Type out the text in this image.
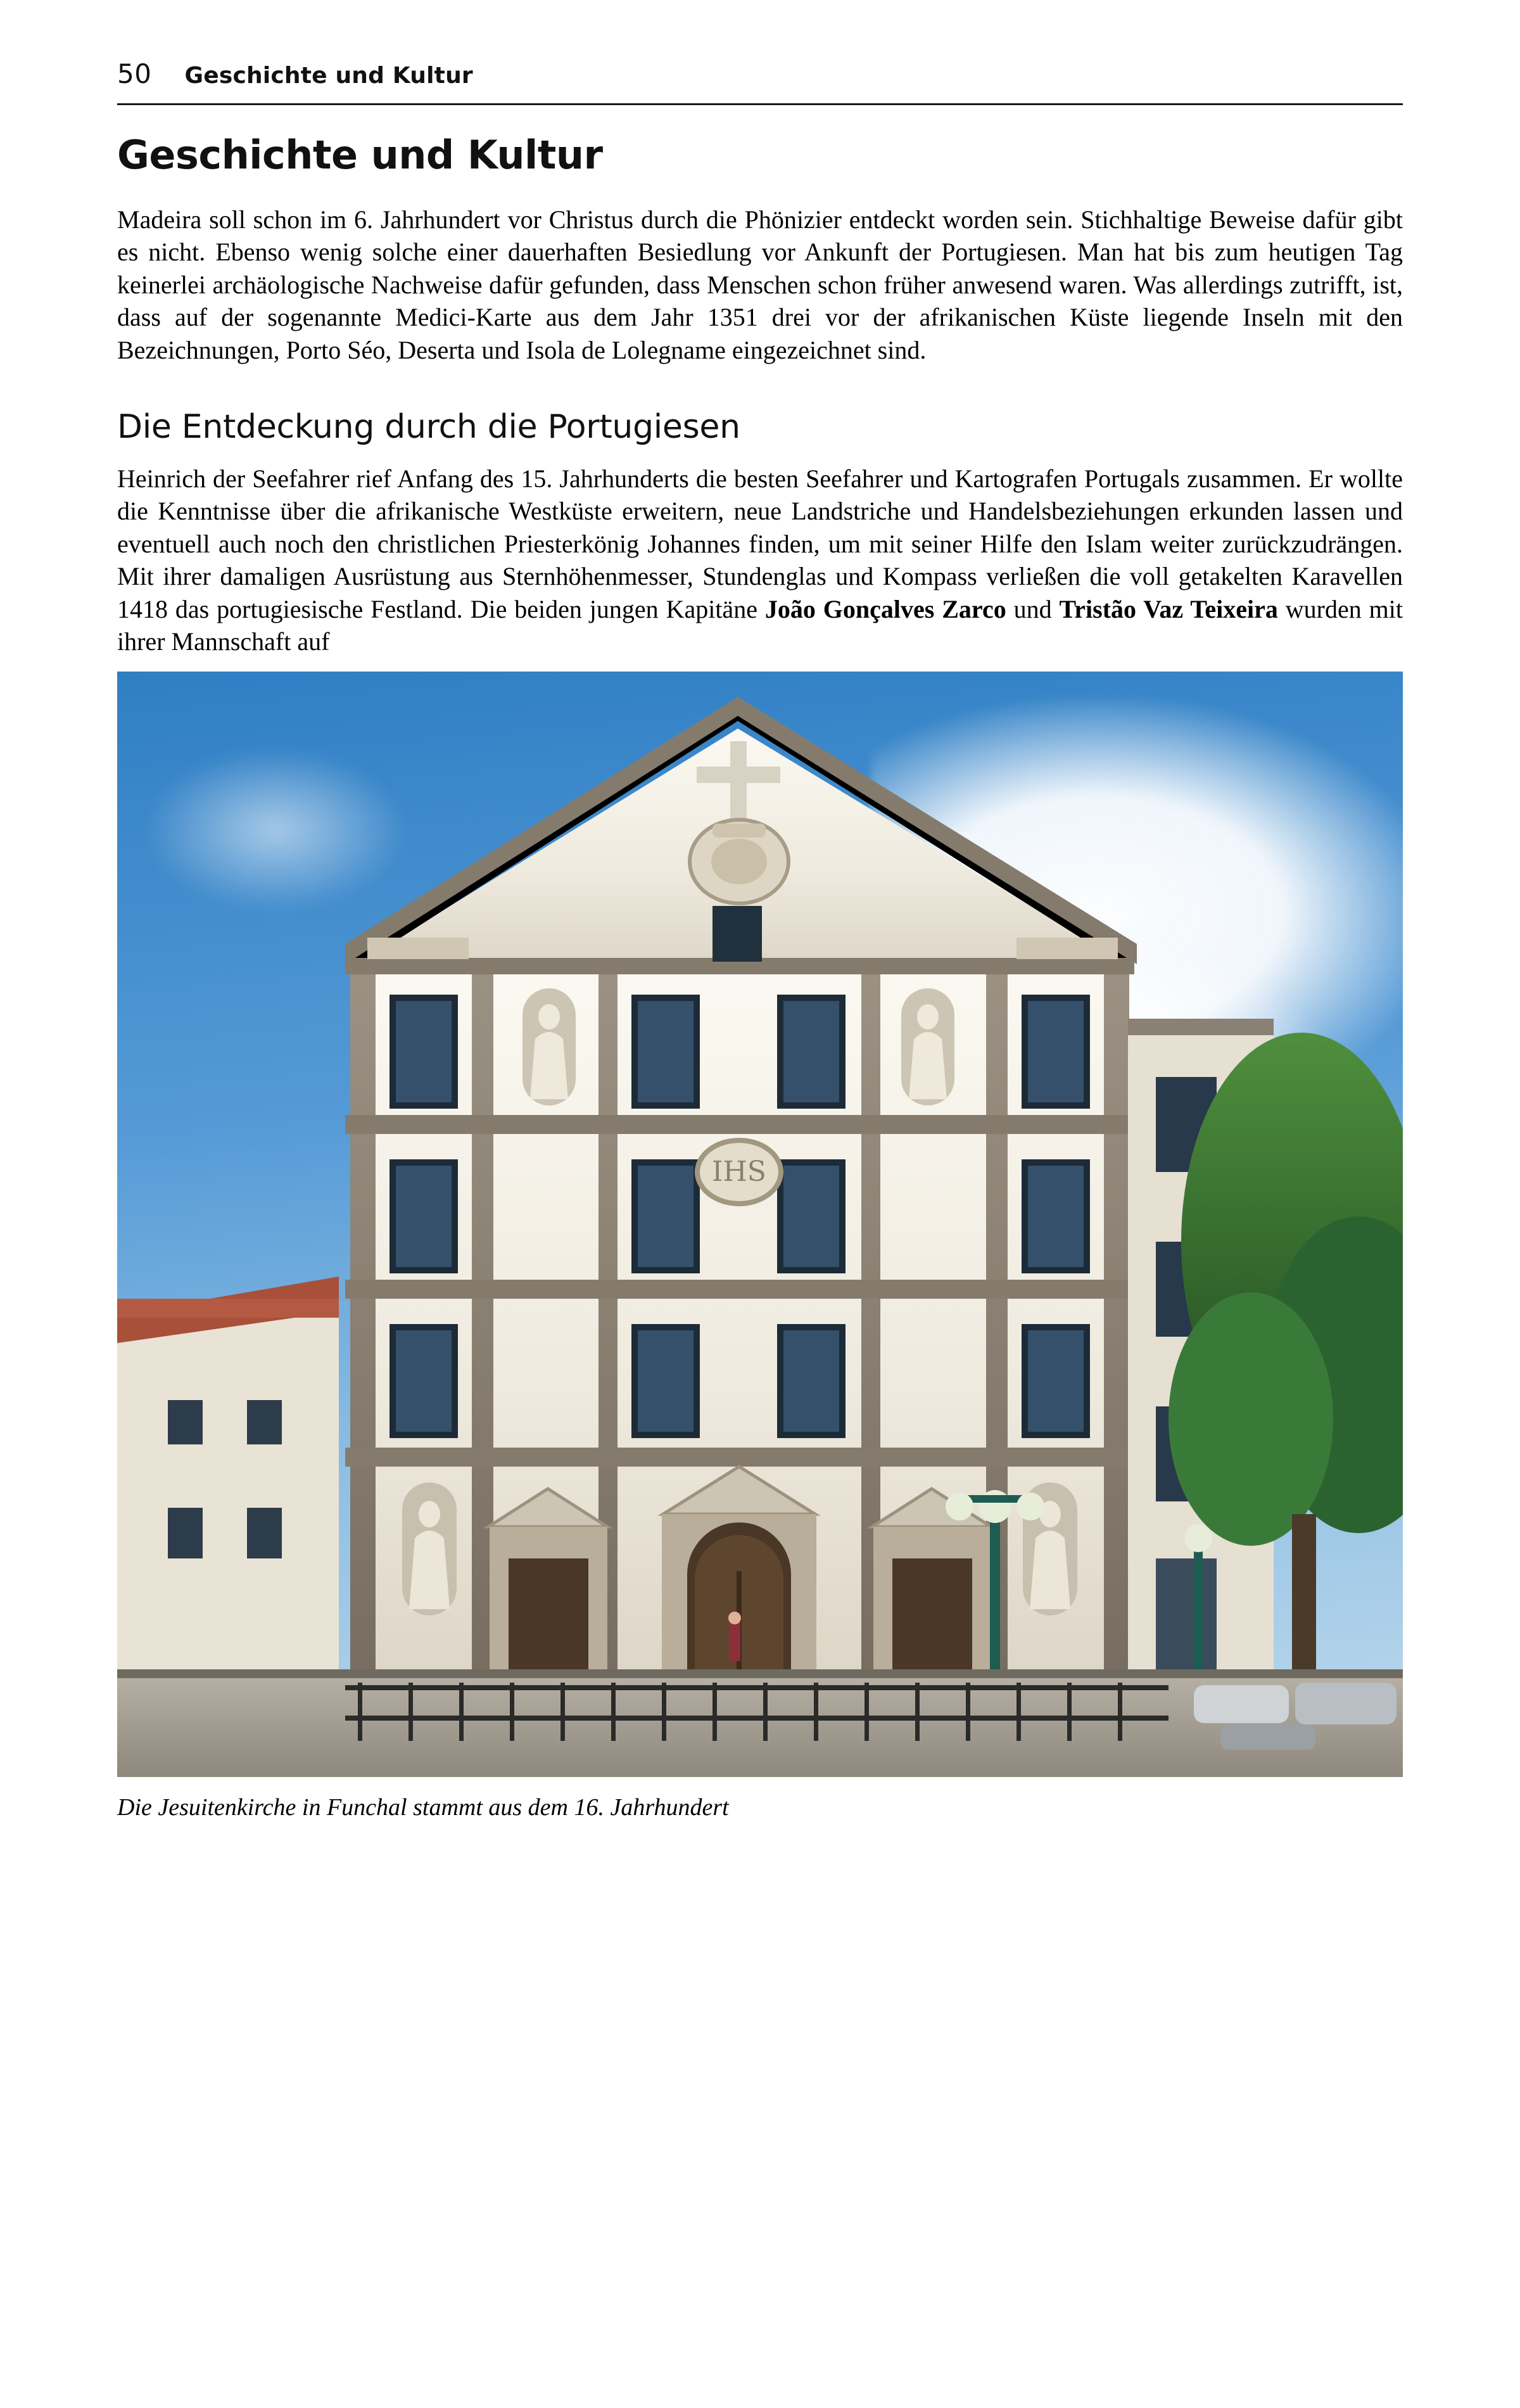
50 Geschichte und Kultur
Geschichte und Kultur

Madeira soll schon im 6. Jahrhundert vor Christus durch die Phönizier entdeckt worden sein. Stichhaltige Beweise dafür gibt es nicht. Ebenso wenig solche einer dauerhaften Besiedlung vor Ankunft der Portugiesen. Man hat bis zum heutigen Tag keinerlei archäologische Nachweise dafür gefunden, dass Menschen schon früher anwesend waren. Was allerdings zutrifft, ist, dass auf der sogenannte Medici-Karte aus dem Jahr 1351 drei vor der afrikanischen Küste liegende Inseln mit den Bezeichnungen, Porto Séo, Deserta und Isola de Lolegname eingezeichnet sind.

Die Entdeckung durch die Portugiesen

Heinrich der Seefahrer rief Anfang des 15. Jahrhunderts die besten Seefahrer und Kartografen Portugals zusammen. Er wollte die Kenntnisse über die afrikanische Westküste erweitern, neue Landstriche und Handelsbeziehungen erkunden lassen und eventuell auch noch den christlichen Priesterkönig Johannes finden, um mit seiner Hilfe den Islam weiter zurückzudrängen. Mit ihrer damaligen Ausrüstung aus Sternhöhenmesser, Stundenglas und Kompass verließen die voll getakelten Karavellen 1418 das portugiesische Festland. Die beiden jungen Kapitäne João Gonçalves Zarco und Tristão Vaz Teixeira wurden mit ihrer Mannschaft auf

IHS
Die Jesuitenkirche in Funchal stammt aus dem 16. Jahrhundert
